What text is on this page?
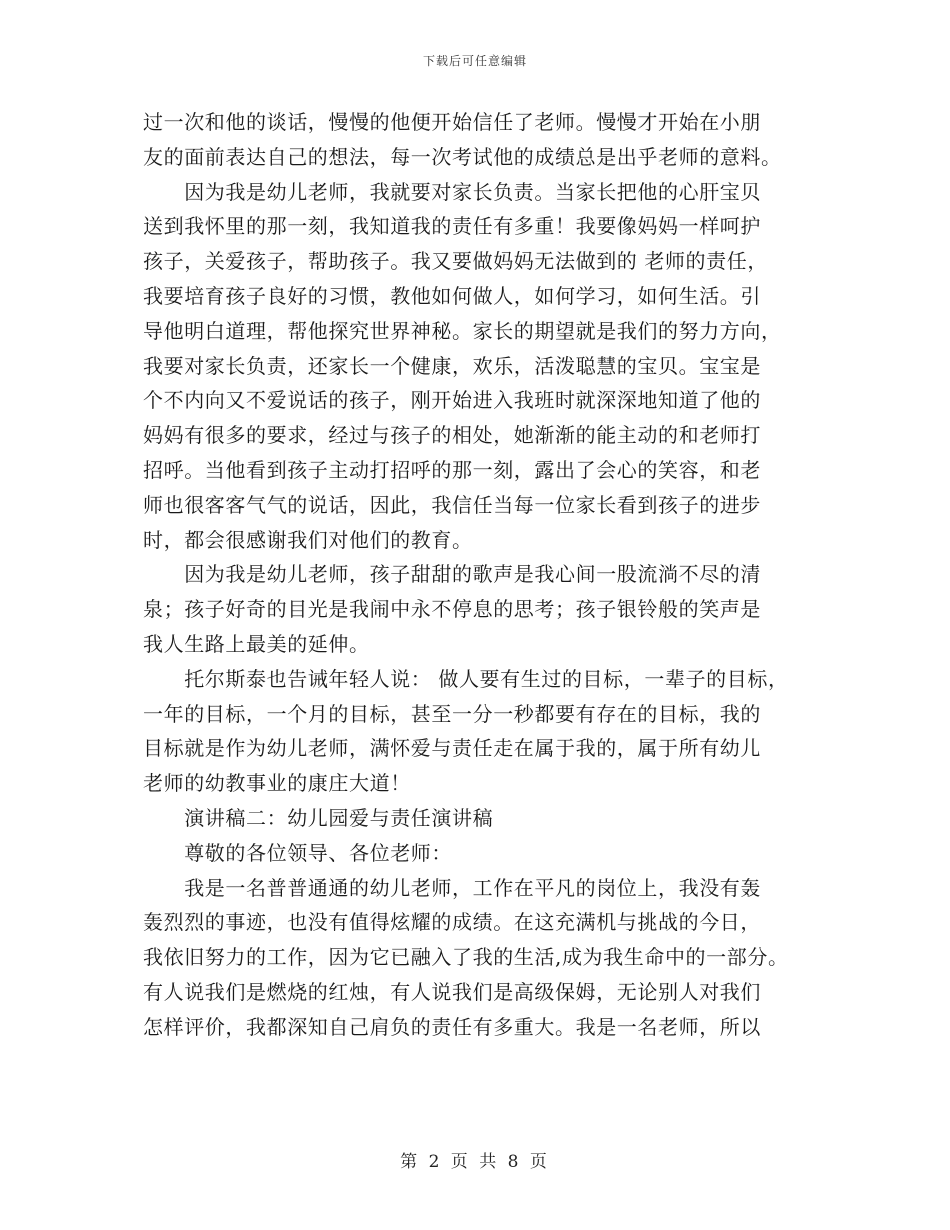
下载后可任意编辑
过一次和他的谈话，慢慢的他便开始信任了老师。慢慢才开始在小朋
友的面前表达自己的想法，每一次考试他的成绩总是出乎老师的意料。
　　因为我是幼儿老师，我就要对家长负责。当家长把他的心肝宝贝
送到我怀里的那一刻，我知道我的责任有多重！我要像妈妈一样呵护
孩子，关爱孩子，帮助孩子。我又要做妈妈无法做到的 老师的责任，
我要培育孩子良好的习惯，教他如何做人，如何学习，如何生活。引
导他明白道理，帮他探究世界神秘。家长的期望就是我们的努力方向，
我要对家长负责，还家长一个健康，欢乐，活泼聪慧的宝贝。宝宝是
个不内向又不爱说话的孩子，刚开始进入我班时就深深地知道了他的
妈妈有很多的要求，经过与孩子的相处，她渐渐的能主动的和老师打
招呼。当他看到孩子主动打招呼的那一刻，露出了会心的笑容，和老
师也很客客气气的说话，因此，我信任当每一位家长看到孩子的进步
时，都会很感谢我们对他们的教育。
　　因为我是幼儿老师，孩子甜甜的歌声是我心间一股流淌不尽的清
泉；孩子好奇的目光是我闹中永不停息的思考；孩子银铃般的笑声是
我人生路上最美的延伸。
　　托尔斯泰也告诫年轻人说： 做人要有生过的目标，一辈子的目标，
一年的目标，一个月的目标，甚至一分一秒都要有存在的目标，我的
目标就是作为幼儿老师，满怀爱与责任走在属于我的，属于所有幼儿
老师的幼教事业的康庄大道！
　　演讲稿二：幼儿园爱与责任演讲稿
　　尊敬的各位领导、各位老师：
　　我是一名普普通通的幼儿老师，工作在平凡的岗位上，我没有轰
轰烈烈的事迹，也没有值得炫耀的成绩。在这充满机与挑战的今日，
我依旧努力的工作，因为它已融入了我的生活,成为我生命中的一部分。
有人说我们是燃烧的红烛，有人说我们是高级保姆，无论别人对我们
怎样评价，我都深知自己肩负的责任有多重大。我是一名老师，所以
第 2 页 共 8 页
